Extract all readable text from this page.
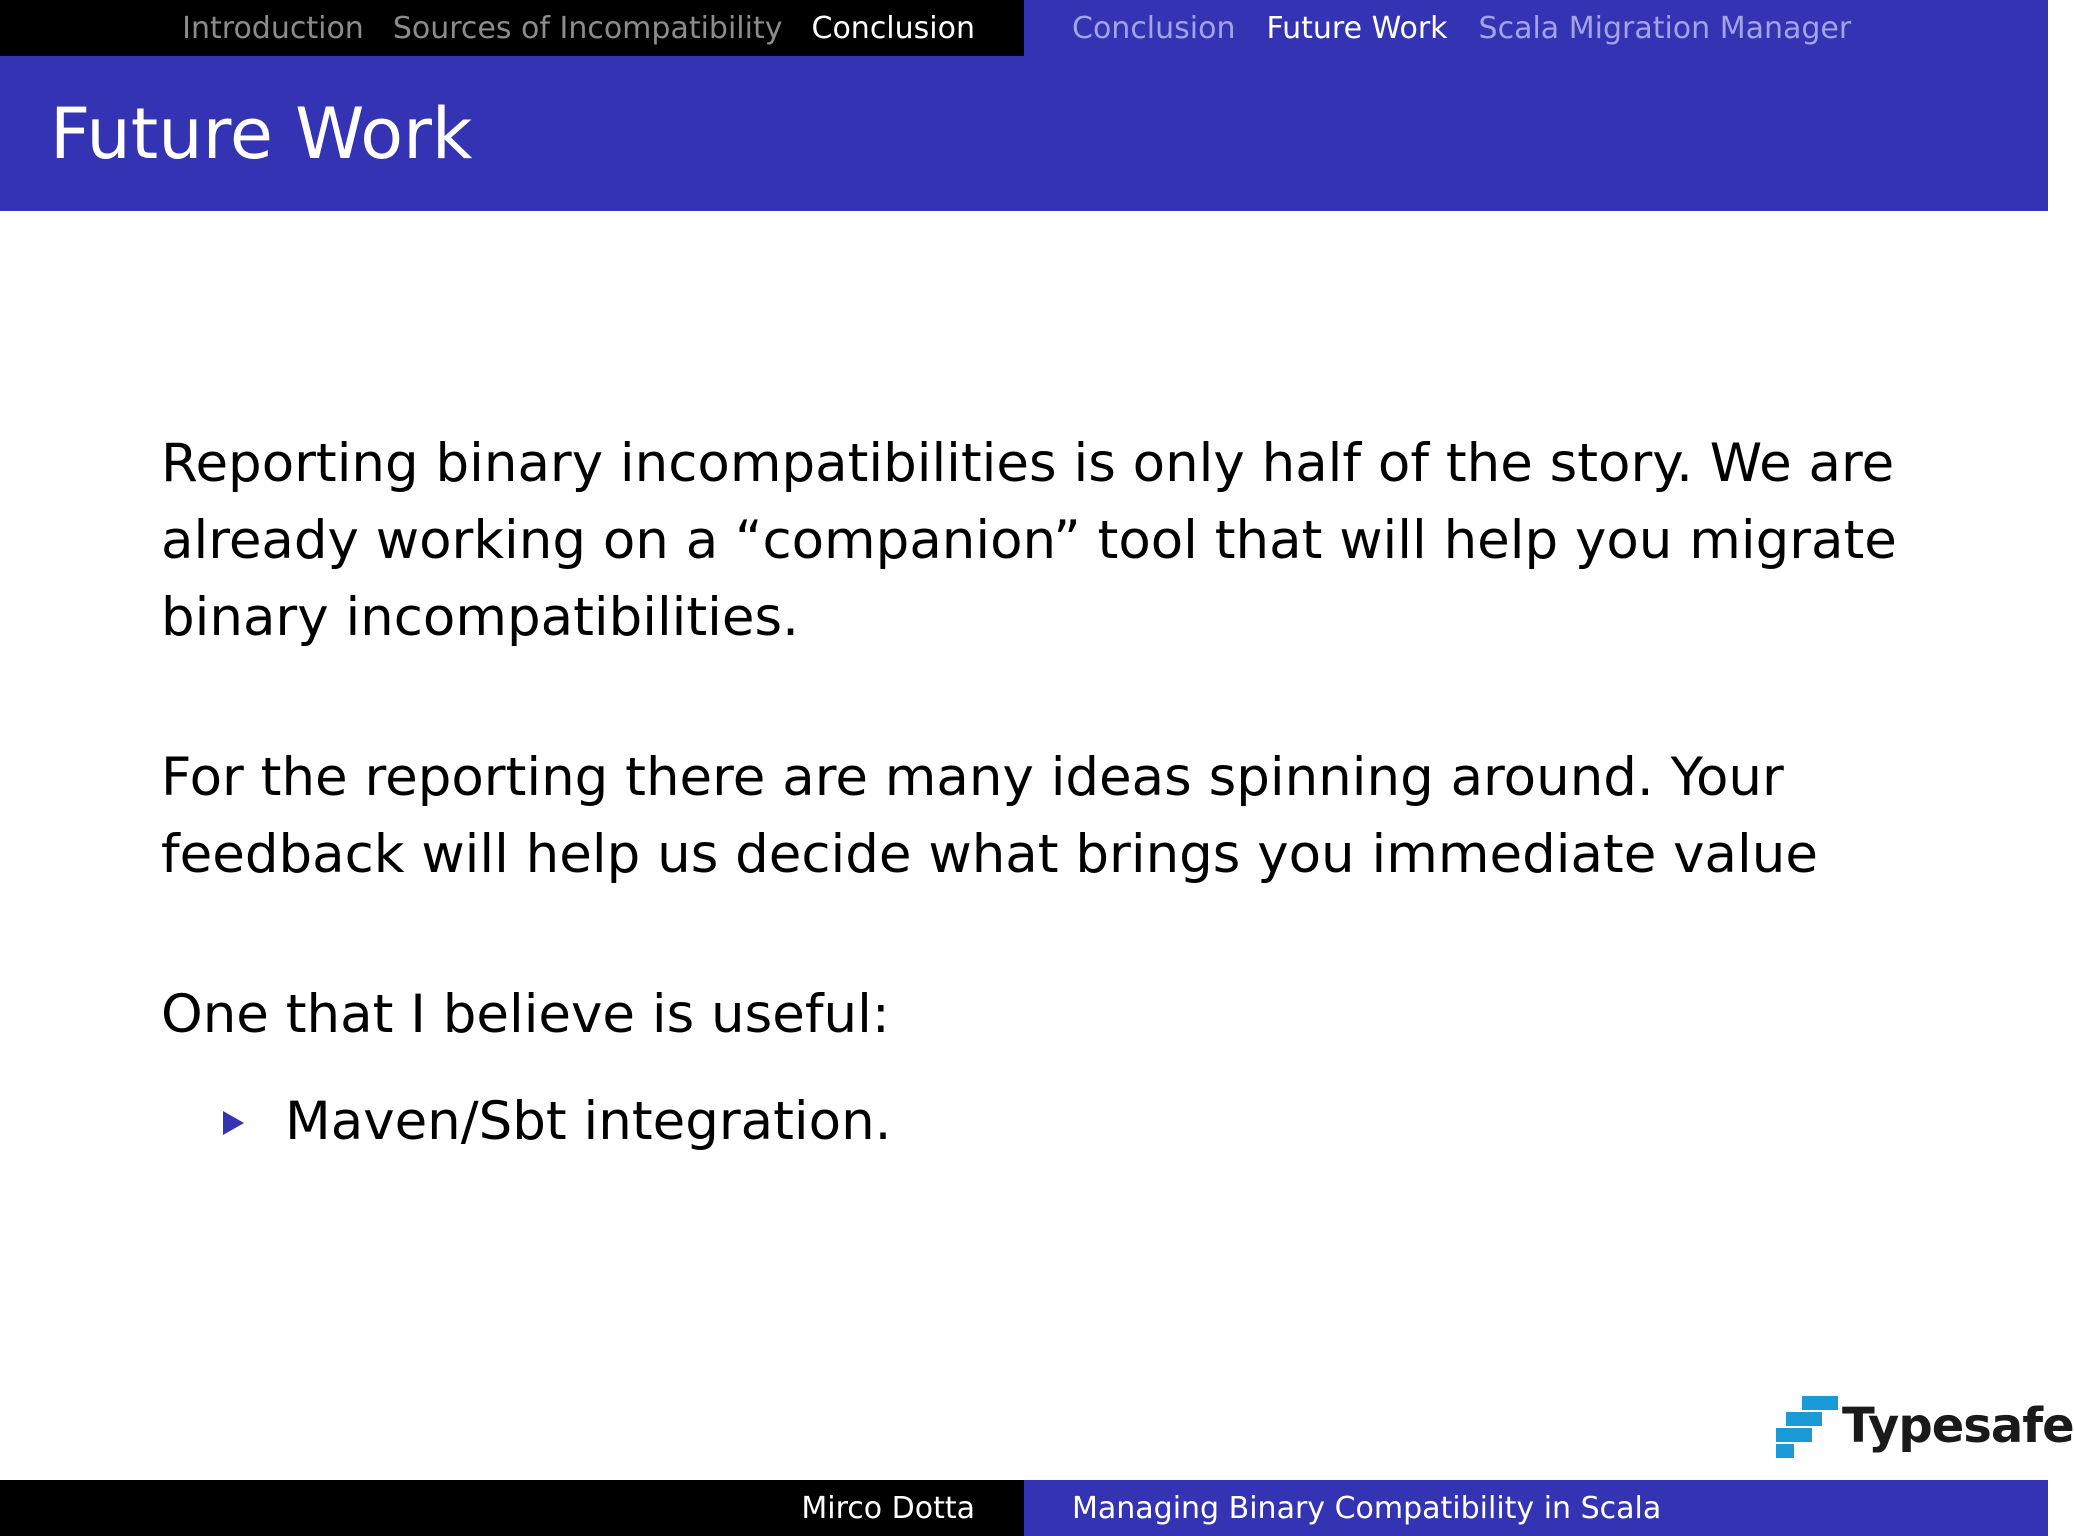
Introduction Sources of Incompatibility Conclusion	Conclusion Future Work Scala Migration Manager
Future Work

Reporting binary incompatibilities is only half of the story. We are already working on a “companion” tool that will help you migrate binary incompatibilities.

For the reporting there are many ideas spinning around. Your feedback will help us decide what brings you immediate value

One that I believe is useful:

Maven/Sbt integration.
Typesafe
Mirco Dotta	Managing Binary Compatibility in Scala
